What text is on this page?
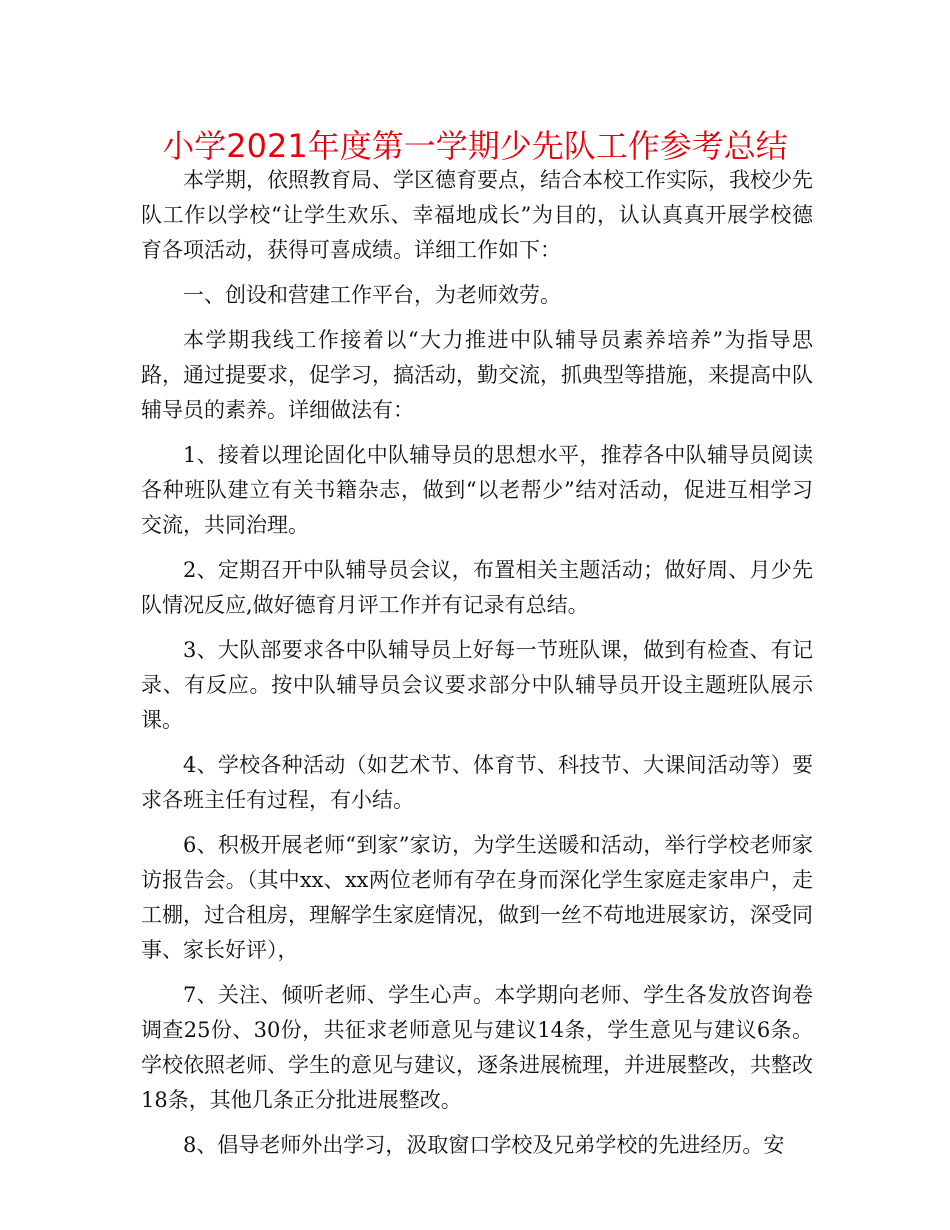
小学2021年度第一学期少先队工作参考总结

本学期，依照教育局、学区德育要点，结合本校工作实际，我校少先队工作以学校“让学生欢乐、幸福地成长”为目的，认认真真开展学校德育各项活动，获得可喜成绩。详细工作如下：

一、创设和营建工作平台，为老师效劳。

本学期我线工作接着以“大力推进中队辅导员素养培养”为指导思路，通过提要求，促学习，搞活动，勤交流，抓典型等措施，来提高中队辅导员的素养。详细做法有：

1、接着以理论固化中队辅导员的思想水平，推荐各中队辅导员阅读各种班队建立有关书籍杂志，做到“以老帮少”结对活动，促进互相学习交流，共同治理。

2、定期召开中队辅导员会议，布置相关主题活动；做好周、月少先队情况反应,做好德育月评工作并有记录有总结。

3、大队部要求各中队辅导员上好每一节班队课，做到有检查、有记录、有反应。按中队辅导员会议要求部分中队辅导员开设主题班队展示课。

4、学校各种活动（如艺术节、体育节、科技节、大课间活动等）要求各班主任有过程，有小结。

6、积极开展老师“到家”家访，为学生送暖和活动，举行学校老师家访报告会。（其中xx、xx两位老师有孕在身而深化学生家庭走家串户，走工棚，过合租房，理解学生家庭情况，做到一丝不苟地进展家访，深受同事、家长好评），

7、关注、倾听老师、学生心声。本学期向老师、学生各发放咨询卷调查25份、30份，共征求老师意见与建议14条，学生意见与建议6条。学校依照老师、学生的意见与建议，逐条进展梳理，并进展整改，共整改18条，其他几条正分批进展整改。

8、倡导老师外出学习，汲取窗口学校及兄弟学校的先进经历。安
